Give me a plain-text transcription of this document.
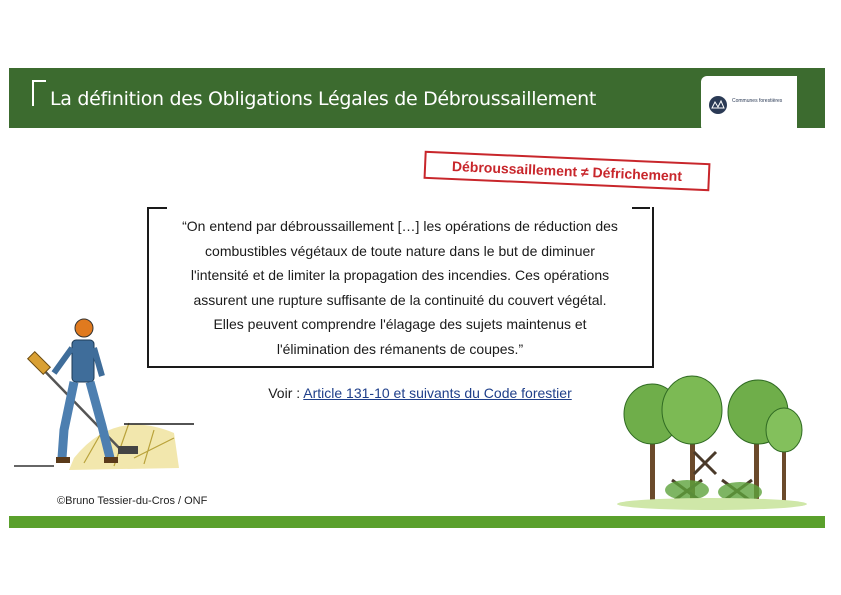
La définition des Obligations Légales de Débroussaillement	Communes forestières
Débroussaillement ≠ Défrichement
“On entend par débroussaillement […] les opérations de réduction des
combustibles végétaux de toute nature dans le but de diminuer
l'intensité et de limiter la propagation des incendies. Ces opérations
assurent une rupture suffisante de la continuité du couvert végétal.
Elles peuvent comprendre l'élagage des sujets maintenus et
l'élimination des rémanents de coupes.”
Voir : Article 131-10 et suivants du Code forestier
©Bruno Tessier-du-Cros / ONF
